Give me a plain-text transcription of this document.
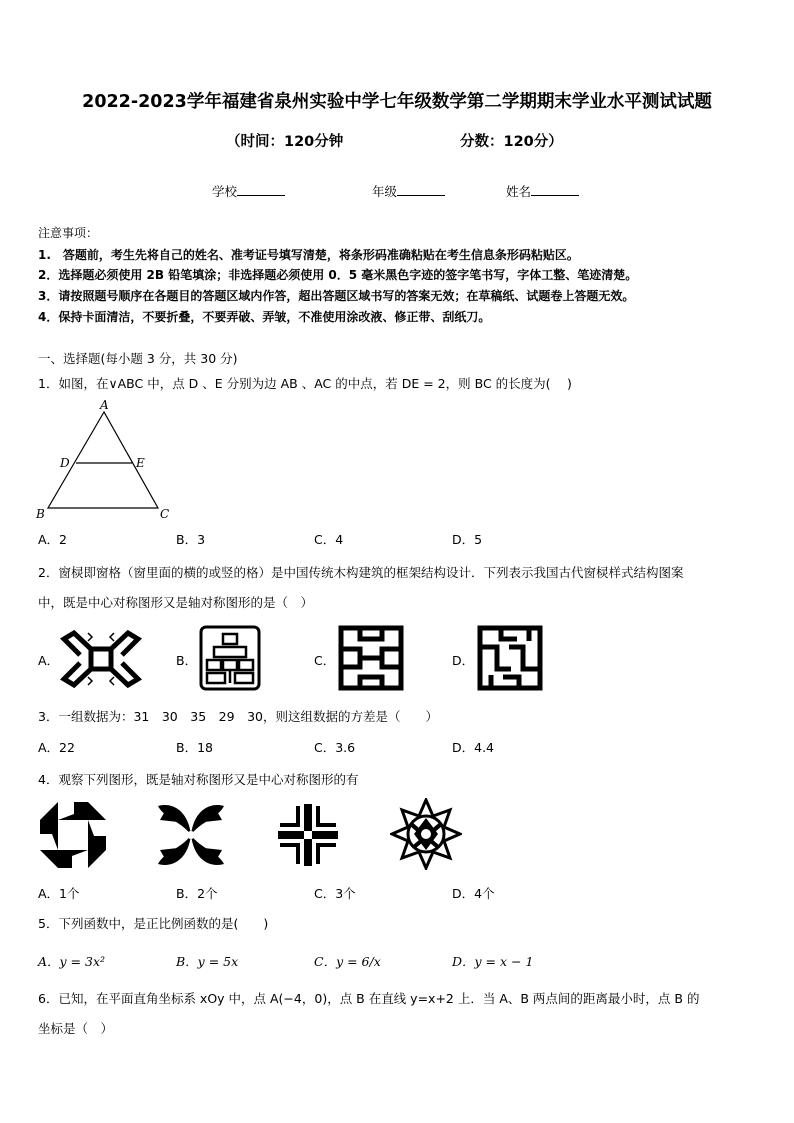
2022-2023学年福建省泉州实验中学七年级数学第二学期期末学业水平测试试题
（时间：120分钟	分数：120分）
学校	年级	姓名
注意事项：
1.　答题前，考生先将自己的姓名、准考证号填写清楚，将条形码准确粘贴在考生信息条形码粘贴区。
2．选择题必须使用 2B 铅笔填涂；非选择题必须使用 0．5 毫米黑色字迹的签字笔书写，字体工整、笔迹清楚。
3．请按照题号顺序在各题目的答题区域内作答，超出答题区域书写的答案无效；在草稿纸、试题卷上答题无效。
4．保持卡面清洁，不要折叠，不要弄破、弄皱，不准使用涂改液、修正带、刮纸刀。
一、选择题(每小题 3 分，共 30 分)
1．如图，在∨ABC 中，点 D 、E 分别为边 AB 、AC 的中点，若 DE = 2，则 BC 的长度为(　 )
A
D	E
B	C
A．2	B．3	C．4	D．5
2．窗棂即窗格（窗里面的横的或竖的格）是中国传统木构建筑的框架结构设计．下列表示我国古代窗棂样式结构图案
中，既是中心对称图形又是轴对称图形的是（　）
A．	B．	C．	D．
3．一组数据为：31　30　35　29　30，则这组数据的方差是（　　）
A．22	B．18	C．3.6	D．4.4
4．观察下列图形，既是轴对称图形又是中心对称图形的有
A．1个	B．2个	C．3个	D．4个
5．下列函数中，是正比例函数的是(　　)
A．y = 3x²	B．y = 5x	C．y = 6/x	D．y = x − 1
6．已知，在平面直角坐标系 xOy 中，点 A(−4，0)，点 B 在直线 y=x+2 上．当 A、B 两点间的距离最小时，点 B 的
坐标是（　）
